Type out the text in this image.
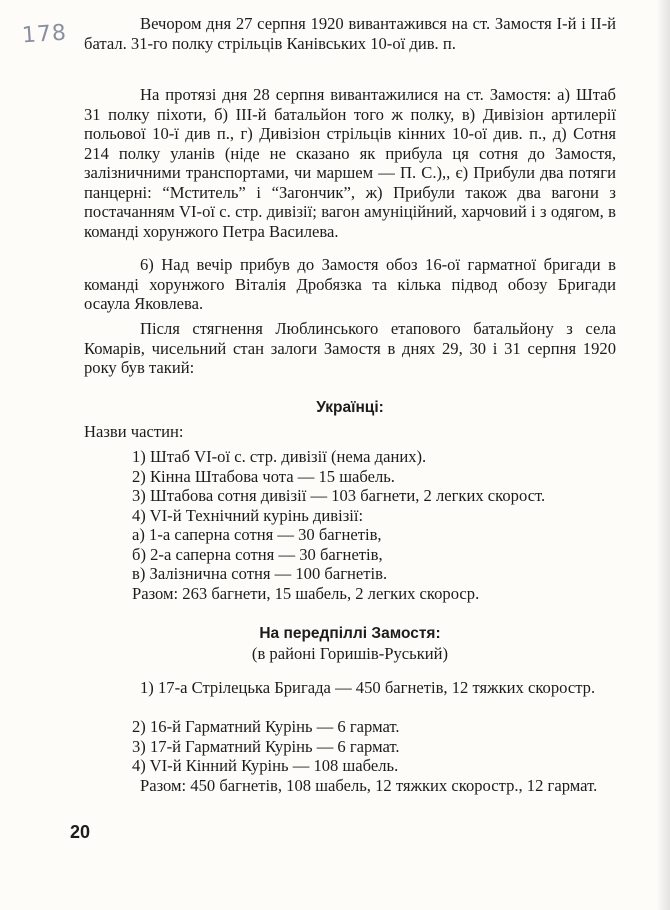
178	Вечором дня 27 серпня 1920 вивантажився на ст. Замостя І-й і ІІ-й батал. 31-го полку стрільців Канівських 10-ої див. п.

На протязі дня 28 серпня вивантажилися на ст. Замостя: а) Штаб 31 полку піхоти, б) ІІІ-й батальйон того ж полку, в) Дивізіон артилерії польової 10-ї див п., г) Дивізіон стрільців кінних 10-ої див. п., д) Сотня 214 полку уланів (ніде не сказано як прибула ця сотня до Замостя, залізничними транспортами, чи маршем — П. С.),, є) Прибули два потяги панцерні: “Мститель” і “Загончик”, ж) Прибули також два вагони з постачанням VІ-ої с. стр. дивізії; вагон амуніційний, харчовий і з одягом, в команді хорунжого Петра Василева.

6) Над вечір прибув до Замостя обоз 16-ої гарматної бригади в команді хорунжого Віталія Дробязка та кілька підвод обозу Бригади осаула Яковлева.

Після стягнення Люблинського етапового батальйону з села Комарів, чисельний стан залоги Замостя в днях 29, 30 і 31 серпня 1920 року був такий:

Українці:
Назви частин:
1) Штаб VІ-ої с. стр. дивізії (нема даних).
2) Кінна Штабова чота — 15 шабель.
3) Штабова сотня дивізії — 103 багнети, 2 легких скорост.
4) VІ-й Технічний курінь дивізії:
а) 1-а саперна сотня — 30 багнетів,
б) 2-а саперна сотня — 30 багнетів,
в) Залізнична сотня — 100 багнетів.
Разом: 263 багнети, 15 шабель, 2 легких скороср.
На передпіллі Замостя:
(в районі Горишів-Руський)

1) 17-а Стрілецька Бригада — 450 багнетів, 12 тяжких скоростр.

2) 16-й Гарматний Курінь — 6 гармат.
3) 17-й Гарматний Курінь — 6 гармат.
4) VІ-й Кінний Курінь — 108 шабель.

Разом: 450 багнетів, 108 шабель, 12 тяжких скоростр., 12 гармат.

20
